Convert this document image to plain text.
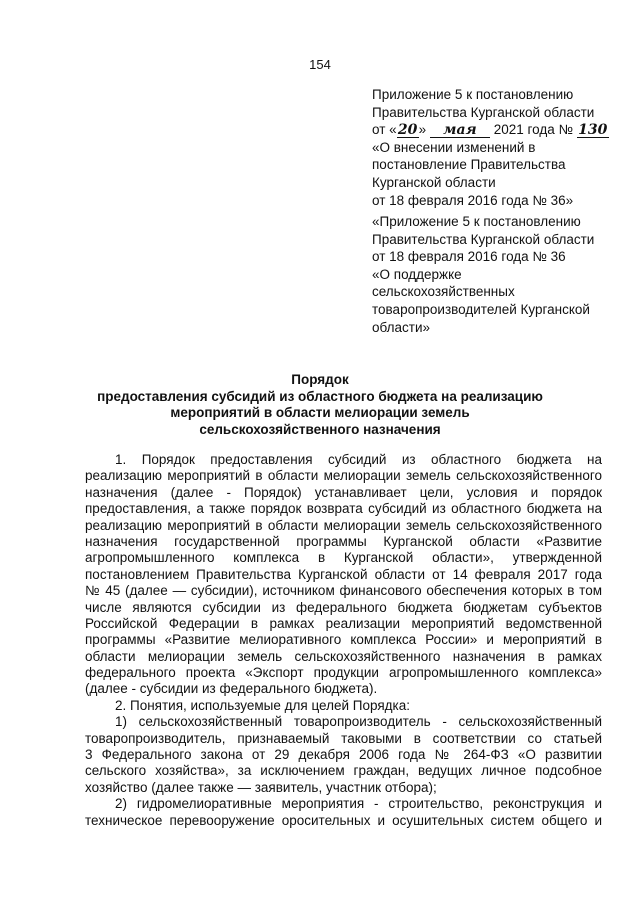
154
Приложение 5 к постановлению
Правительства Курганской области
от «20» мая 2021 года № 130
«О внесении изменений в
постановление Правительства
Курганской области
от 18 февраля 2016 года № 36»
«Приложение 5 к постановлению
Правительства Курганской области
от 18 февраля 2016 года № 36
«О поддержке
сельскохозяйственных
товаропроизводителей Курганской
области»
Порядок
предоставления субсидий из областного бюджета на реализацию
мероприятий в области мелиорации земель
сельскохозяйственного назначения
1. Порядок предоставления субсидий из областного бюджета на
реализацию мероприятий в области мелиорации земель сельскохозяйственного
назначения (далее - Порядок) устанавливает цели, условия и порядок
предоставления, а также порядок возврата субсидий из областного бюджета на
реализацию мероприятий в области мелиорации земель сельскохозяйственного
назначения государственной программы Курганской области «Развитие
агропромышленного комплекса в Курганской области», утвержденной
постановлением Правительства Курганской области от 14 февраля 2017 года
№ 45 (далее — субсидии), источником финансового обеспечения которых в том
числе являются субсидии из федерального бюджета бюджетам субъектов
Российской Федерации в рамках реализации мероприятий ведомственной
программы «Развитие мелиоративного комплекса России» и мероприятий в
области мелиорации земель сельскохозяйственного назначения в рамках
федерального проекта «Экспорт продукции агропромышленного комплекса»
(далее - субсидии из федерального бюджета).
2. Понятия, используемые для целей Порядка:
1) сельскохозяйственный товаропроизводитель - сельскохозяйственный
товаропроизводитель, признаваемый таковыми в соответствии со статьей
3 Федерального закона от 29 декабря 2006 года № 264-ФЗ «О развитии
сельского хозяйства», за исключением граждан, ведущих личное подсобное
хозяйство (далее также — заявитель, участник отбора);
2) гидромелиоративные мероприятия - строительство, реконструкция и
техническое перевооружение оросительных и осушительных систем общего и
